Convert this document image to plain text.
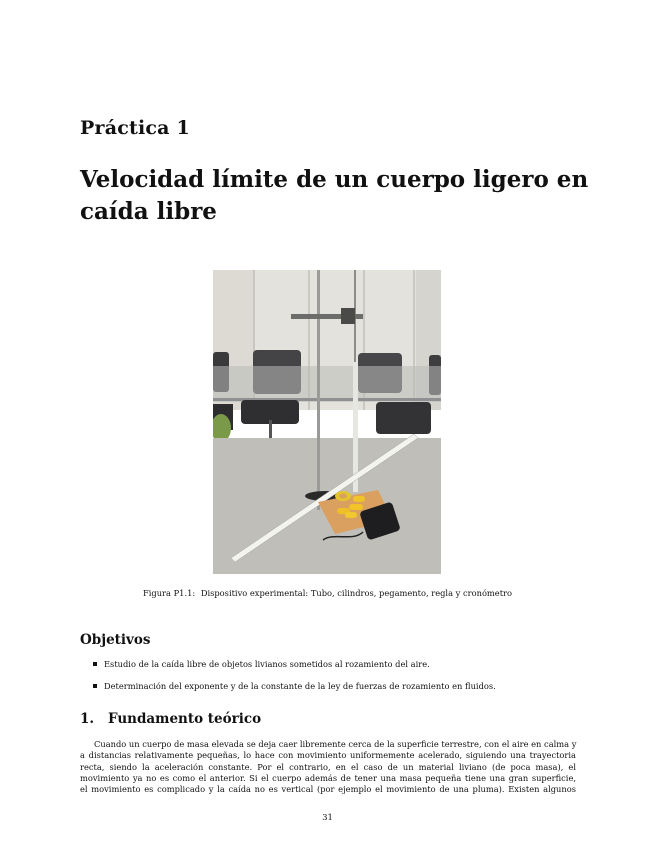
Práctica 1
Velocidad límite de un cuerpo ligero en caída libre
Figura P1.1: Dispositivo experimental: Tubo, cilindros, pegamento, regla y cronómetro
Objetivos
Estudio de la caída libre de objetos livianos sometidos al rozamiento del aire.
Determinación del exponente y de la constante de la ley de fuerzas de rozamiento en fluidos.
1. Fundamento teórico
Cuando un cuerpo de masa elevada se deja caer libremente cerca de la superficie terrestre, con el aire en calma y
a distancias relativamente pequeñas, lo hace con movimiento uniformemente acelerado, siguiendo una trayectoria
recta, siendo la aceleración constante. Por el contrario, en el caso de un material liviano (de poca masa), el
movimiento ya no es como el anterior. Si el cuerpo además de tener una masa pequeña tiene una gran superficie,
el movimiento es complicado y la caída no es vertical (por ejemplo el movimiento de una pluma). Existen algunos
31
